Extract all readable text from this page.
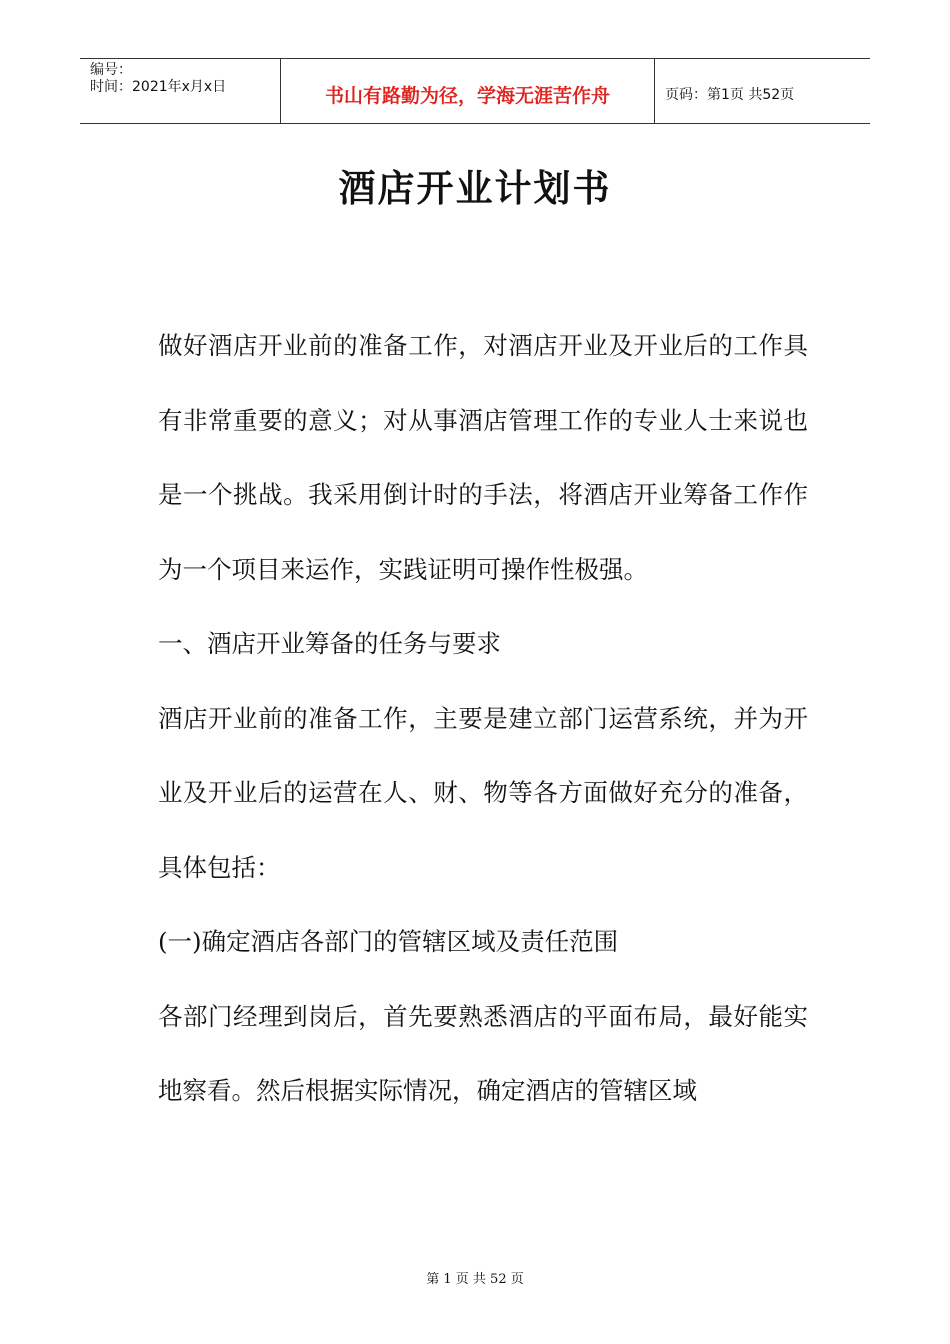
编号：
时间：2021年x月x日	书山有路勤为径，学海无涯苦作舟	页码：第1页 共52页
酒店开业计划书

做好酒店开业前的准备工作，对酒店开业及开业后的工作具有非常重要的意义；对从事酒店管理工作的专业人士来说也是一个挑战。我采用倒计时的手法，将酒店开业筹备工作作为一个项目来运作，实践证明可操作性极强。

一、酒店开业筹备的任务与要求

酒店开业前的准备工作，主要是建立部门运营系统，并为开业及开业后的运营在人、财、物等各方面做好充分的准备，具体包括：

(一)确定酒店各部门的管辖区域及责任范围

各部门经理到岗后，首先要熟悉酒店的平面布局，最好能实地察看。然后根据实际情况，确定酒店的管辖区域

第 1 页 共 52 页
